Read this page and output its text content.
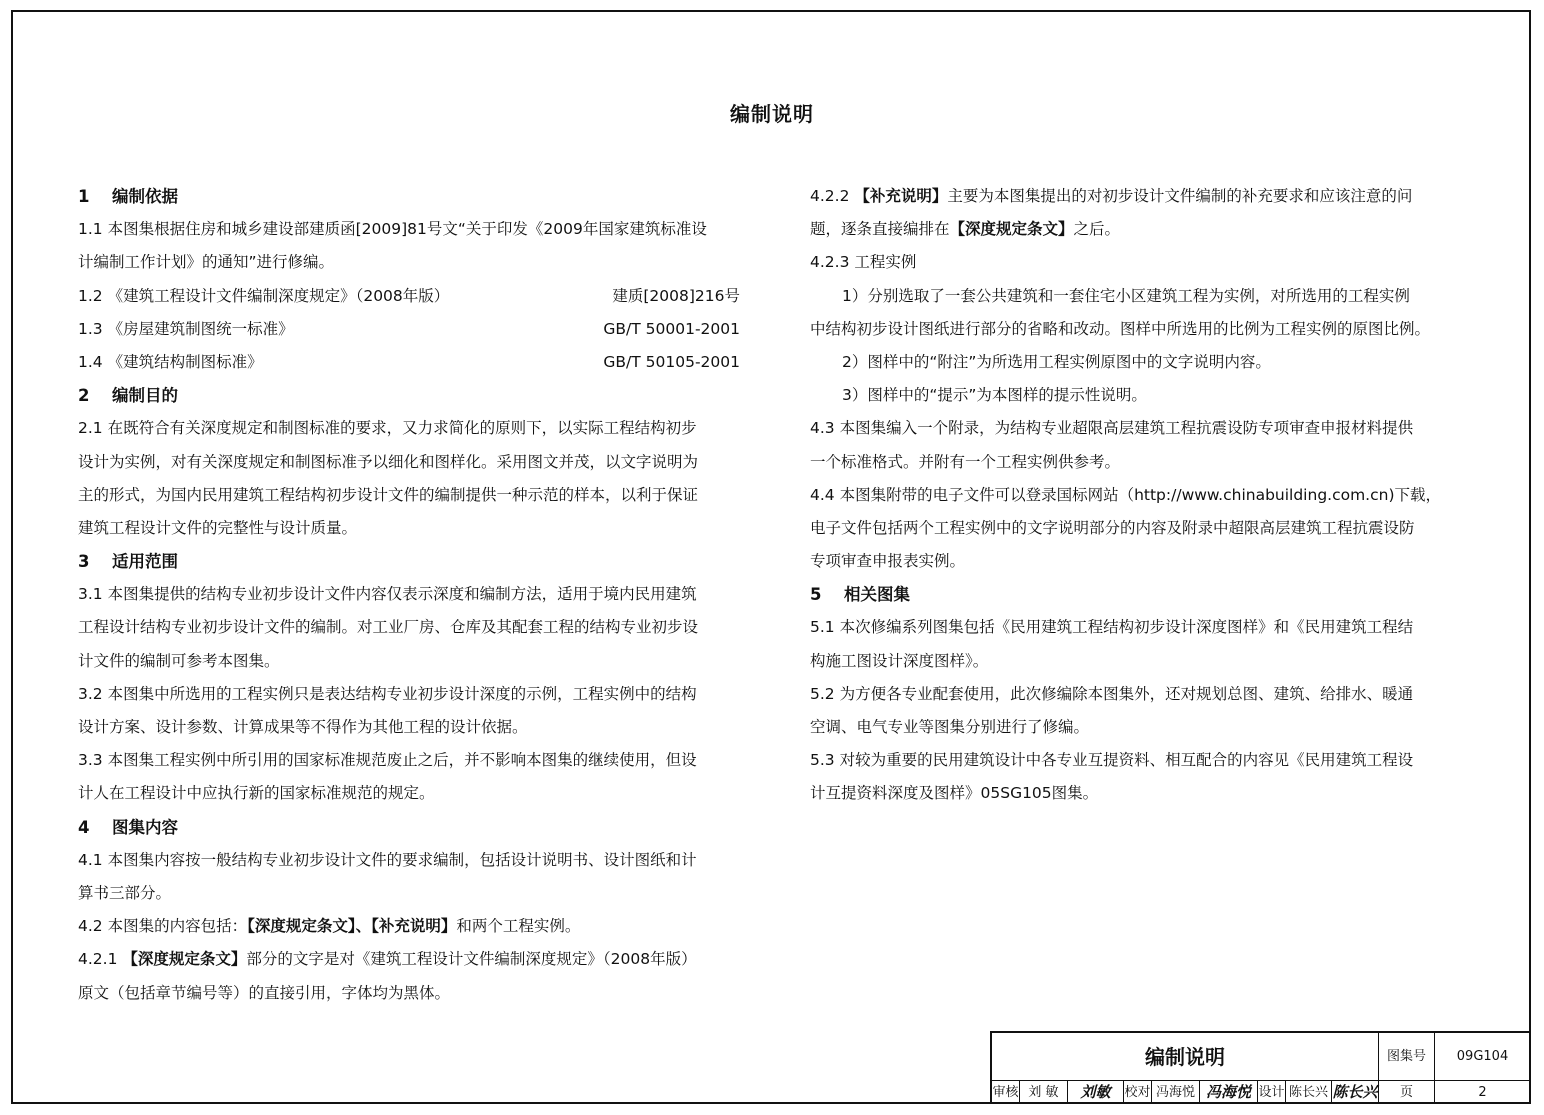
编制说明
1 编制依据
1.1 本图集根据住房和城乡建设部建质函[2009]81号文“关于印发《2009年国家建筑标准设
计编制工作计划》的通知”进行修编。
1.2 《建筑工程设计文件编制深度规定》（2008年版）	建质[2008]216号
1.3 《房屋建筑制图统一标准》	GB/T 50001-2001
1.4 《建筑结构制图标准》	GB/T 50105-2001
2 编制目的
2.1 在既符合有关深度规定和制图标准的要求，又力求简化的原则下，以实际工程结构初步
设计为实例，对有关深度规定和制图标准予以细化和图样化。采用图文并茂，以文字说明为
主的形式，为国内民用建筑工程结构初步设计文件的编制提供一种示范的样本，以利于保证
建筑工程设计文件的完整性与设计质量。
3 适用范围
3.1 本图集提供的结构专业初步设计文件内容仅表示深度和编制方法，适用于境内民用建筑
工程设计结构专业初步设计文件的编制。对工业厂房、仓库及其配套工程的结构专业初步设
计文件的编制可参考本图集。
3.2 本图集中所选用的工程实例只是表达结构专业初步设计深度的示例，工程实例中的结构
设计方案、设计参数、计算成果等不得作为其他工程的设计依据。
3.3 本图集工程实例中所引用的国家标准规范废止之后，并不影响本图集的继续使用，但设
计人在工程设计中应执行新的国家标准规范的规定。
4 图集内容
4.1 本图集内容按一般结构专业初步设计文件的要求编制，包括设计说明书、设计图纸和计
算书三部分。
4.2 本图集的内容包括：【深度规定条文】、【补充说明】和两个工程实例。
4.2.1 【深度规定条文】部分的文字是对《建筑工程设计文件编制深度规定》（2008年版）
原文（包括章节编号等）的直接引用，字体均为黑体。
4.2.2 【补充说明】主要为本图集提出的对初步设计文件编制的补充要求和应该注意的问
题，逐条直接编排在【深度规定条文】之后。
4.2.3 工程实例
1）分别选取了一套公共建筑和一套住宅小区建筑工程为实例，对所选用的工程实例
中结构初步设计图纸进行部分的省略和改动。图样中所选用的比例为工程实例的原图比例。
2）图样中的“附注”为所选用工程实例原图中的文字说明内容。
3）图样中的“提示”为本图样的提示性说明。
4.3 本图集编入一个附录，为结构专业超限高层建筑工程抗震设防专项审查申报材料提供
一个标准格式。并附有一个工程实例供参考。
4.4 本图集附带的电子文件可以登录国标网站（http://www.chinabuilding.com.cn)下载，
电子文件包括两个工程实例中的文字说明部分的内容及附录中超限高层建筑工程抗震设防
专项审查申报表实例。
5 相关图集
5.1 本次修编系列图集包括《民用建筑工程结构初步设计深度图样》和《民用建筑工程结
构施工图设计深度图样》。
5.2 为方便各专业配套使用，此次修编除本图集外，还对规划总图、建筑、给排水、暖通
空调、电气专业等图集分别进行了修编。
5.3 对较为重要的民用建筑设计中各专业互提资料、相互配合的内容见《民用建筑工程设
计互提资料深度及图样》05SG105图集。
编制说明	图集号	09G104
审核 刘 敏	刘敏	校对 冯海悦 冯海悦 设计 陈长兴 陈长兴	页	2
